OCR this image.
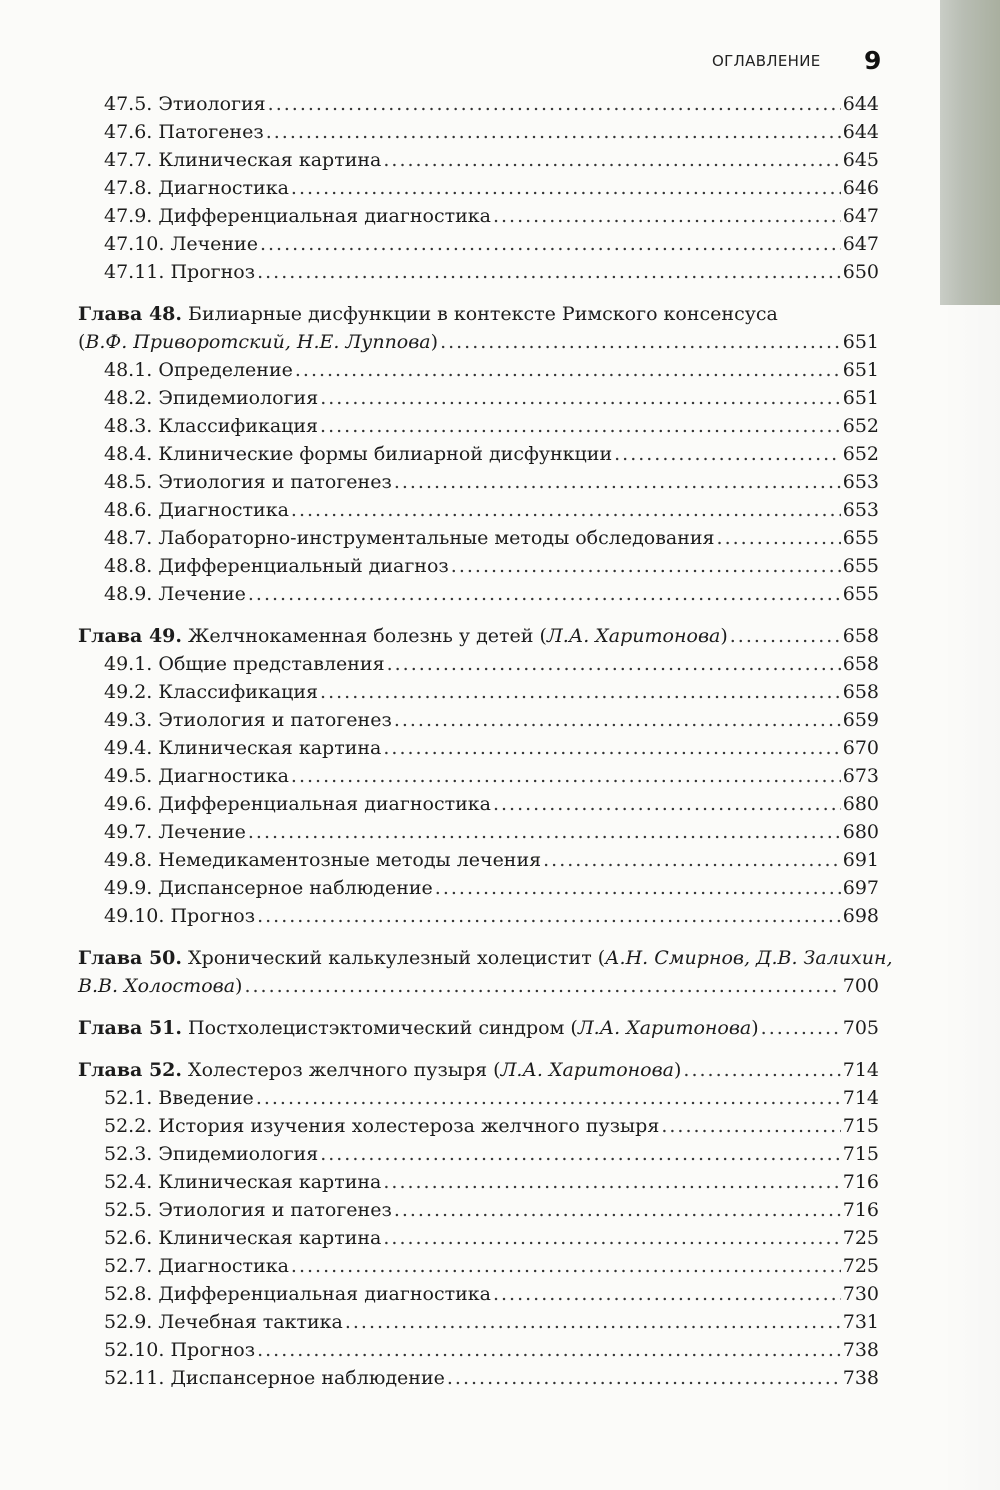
ОГЛАВЛЕНИЕ 9
47.5. Этиология .....	644
47.6. Патогенез .....	644
47.7. Клиническая картина .....	645
47.8. Диагностика .....	646
47.9. Дифференциальная диагностика .....	647
47.10. Лечение .....	647
47.11. Прогноз .....	650
Глава 48. Билиарные дисфункции в контексте Римского консенсуса
( В.Ф. Приворотский, Н.Е. Луппова ) .....	651
48.1. Определение .....	651
48.2. Эпидемиология .....	651
48.3. Классификация .....	652
48.4. Клинические формы билиарной дисфункции .....	652
48.5. Этиология и патогенез .....	653
48.6. Диагностика .....	653
48.7. Лабораторно-инструментальные методы обследования .....	655
48.8. Дифференциальный диагноз .....	655
48.9. Лечение .....	655
Глава 49. Желчнокаменная болезнь у детей ( Л.А. Харитонова ) .....	658
49.1. Общие представления .....	658
49.2. Классификация .....	658
49.3. Этиология и патогенез .....	659
49.4. Клиническая картина .....	670
49.5. Диагностика .....	673
49.6. Дифференциальная диагностика .....	680
49.7. Лечение .....	680
49.8. Немедикаментозные методы лечения .....	691
49.9. Диспансерное наблюдение .....	697
49.10. Прогноз .....	698
Глава 50. Хронический калькулезный холецистит ( А.Н. Смирнов, Д.В. Залихин,
В.В. Холостова ) .....	700
Глава 51. Постхолецистэктомический синдром ( Л.А. Харитонова ) .....	705
Глава 52. Холестероз желчного пузыря ( Л.А. Харитонова ) .....	714
52.1. Введение .....	714
52.2. История изучения холестероза желчного пузыря .....	715
52.3. Эпидемиология .....	715
52.4. Клиническая картина .....	716
52.5. Этиология и патогенез .....	716
52.6. Клиническая картина .....	725
52.7. Диагностика .....	725
52.8. Дифференциальная диагностика .....	730
52.9. Лечебная тактика .....	731
52.10. Прогноз .....	738
52.11. Диспансерное наблюдение .....	738
